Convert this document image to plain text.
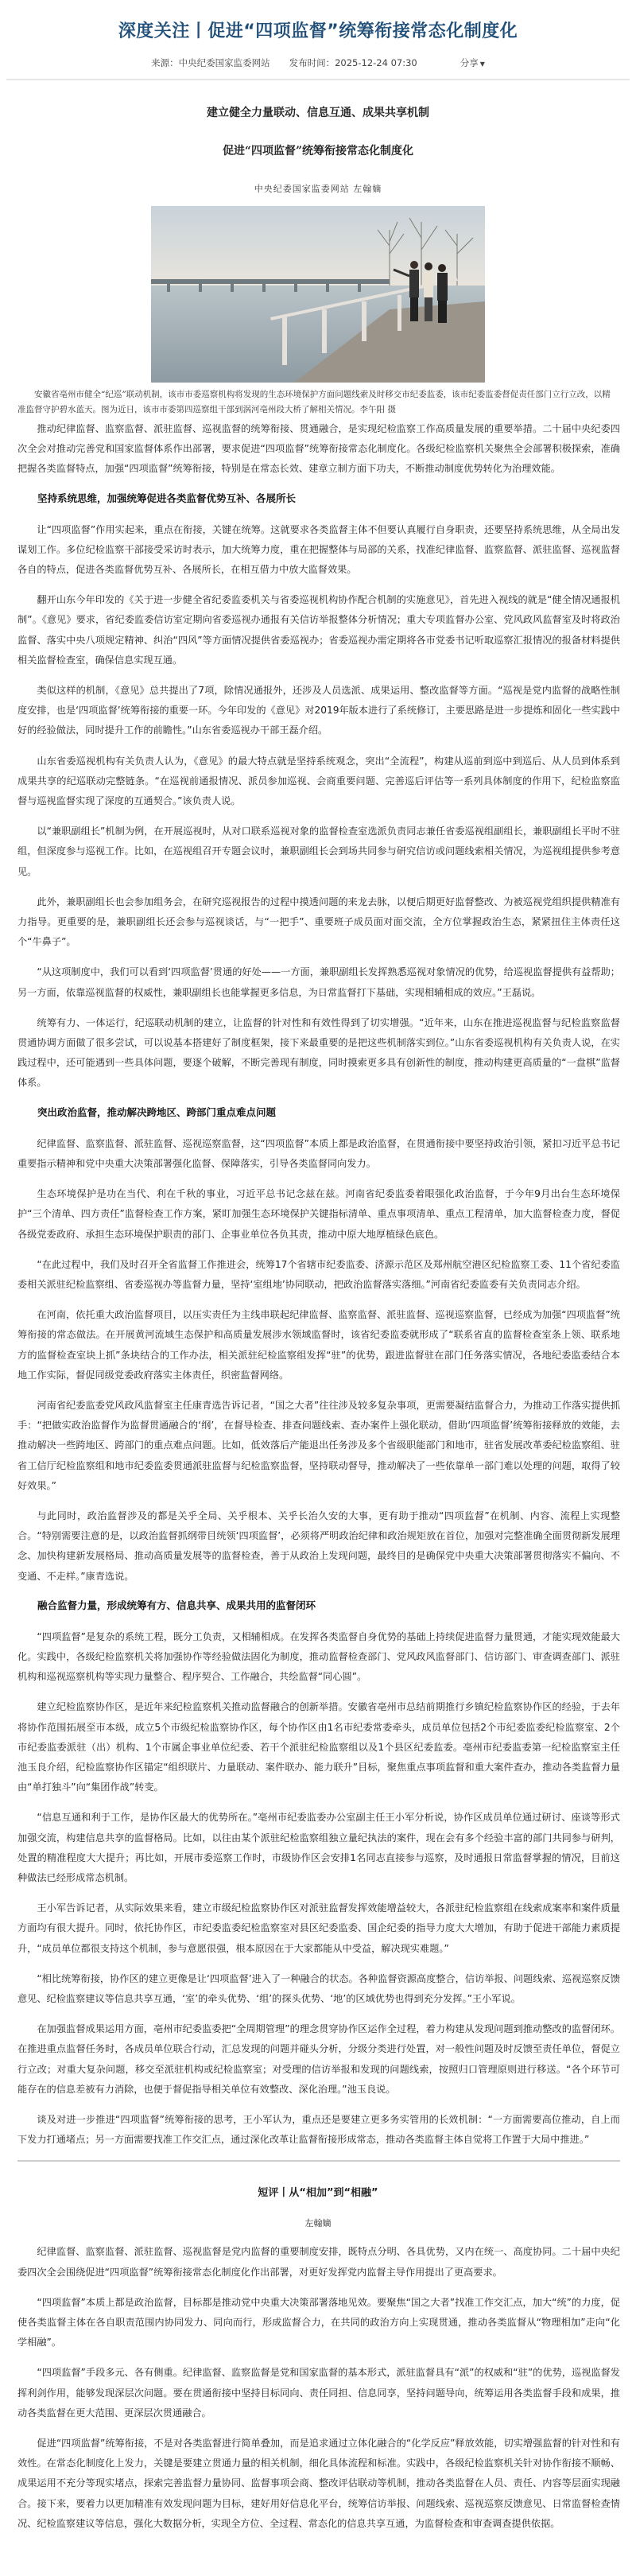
深度关注丨促进“四项监督”统筹衔接常态化制度化
来源：中央纪委国家监委网站 发布时间：2025-12-24 07:30	分享 ▼

建立健全力量联动、信息互通、成果共享机制

促进“四项监督”统筹衔接常态化制度化

中央纪委国家监委网站 左翰嫡

安徽省亳州市健全“纪巡”联动机制，该市市委巡察机构将发现的生态环境保护方面问题线索及时移交市纪委监委，该市纪委监委督促责任部门立行立改，以精准监督守护碧水蓝天。图为近日，该市市委第四巡察组干部到涡河亳州段大桥了解相关情况。李午阳 摄

推动纪律监督、监察监督、派驻监督、巡视监督的统筹衔接、贯通融合，是实现纪检监察工作高质量发展的重要举措。二十届中央纪委四次全会对推动完善党和国家监督体系作出部署，要求促进“四项监督”统筹衔接常态化制度化。各级纪检监察机关聚焦全会部署积极探索，准确把握各类监督特点，加强“四项监督”统筹衔接，特别是在常态长效、建章立制方面下功夫，不断推动制度优势转化为治理效能。

坚持系统思维，加强统筹促进各类监督优势互补、各展所长

让“四项监督”作用实起来，重点在衔接，关键在统筹。这就要求各类监督主体不但要认真履行自身职责，还要坚持系统思维，从全局出发谋划工作。多位纪检监察干部接受采访时表示，加大统筹力度，重在把握整体与局部的关系，找准纪律监督、监察监督、派驻监督、巡视监督各自的特点，促进各类监督优势互补、各展所长，在相互借力中放大监督效果。

翻开山东今年印发的《关于进一步健全省纪委监委机关与省委巡视机构协作配合机制的实施意见》，首先进入视线的就是“健全情况通报机制”。《意见》要求，省纪委监委信访室定期向省委巡视办通报有关信访举报整体分析情况；重大专项监督办公室、党风政风监督室及时将政治监督、落实中央八项规定精神、纠治“四风”等方面情况提供省委巡视办；省委巡视办需定期将各市党委书记听取巡察汇报情况的报备材料提供相关监督检查室，确保信息实现互通。

类似这样的机制，《意见》总共提出了7项，除情况通报外，还涉及人员选派、成果运用、整改监督等方面。“巡视是党内监督的战略性制度安排，也是‘四项监督’统筹衔接的重要一环。今年印发的《意见》对2019年版本进行了系统修订，主要思路是进一步提炼和固化一些实践中好的经验做法，同时提升工作的前瞻性。”山东省委巡视办干部王磊介绍。

山东省委巡视机构有关负责人认为，《意见》的最大特点就是坚持系统观念，突出“全流程”，构建从巡前到巡中到巡后、从人员到体系到成果共享的纪巡联动完整链条。“在巡视前通报情况、派员参加巡视、会商重要问题、完善巡后评估等一系列具体制度的作用下，纪检监察监督与巡视监督实现了深度的互通契合。”该负责人说。

以“兼职副组长”机制为例，在开展巡视时，从对口联系巡视对象的监督检查室选派负责同志兼任省委巡视组副组长，兼职副组长平时不驻组，但深度参与巡视工作。比如，在巡视组召开专题会议时，兼职副组长会到场共同参与研究信访或问题线索相关情况，为巡视组提供参考意见。

此外，兼职副组长也会参加组务会，在研究巡视报告的过程中摸透问题的来龙去脉，以便后期更好监督整改、为被巡视党组织提供精准有力指导。更重要的是，兼职副组长还会参与巡视谈话，与“一把手”、重要班子成员面对面交流，全方位掌握政治生态，紧紧扭住主体责任这个“牛鼻子”。

“从这项制度中，我们可以看到‘四项监督’贯通的好处——一方面，兼职副组长发挥熟悉巡视对象情况的优势，给巡视监督提供有益帮助；另一方面，依靠巡视监督的权威性，兼职副组长也能掌握更多信息，为日常监督打下基础，实现相辅相成的效应。”王磊说。

统筹有力、一体运行，纪巡联动机制的建立，让监督的针对性和有效性得到了切实增强。“近年来，山东在推进巡视监督与纪检监察监督贯通协调方面做了很多尝试，可以说基本搭建好了制度框架，接下来最重要的是把这些机制落实到位。”山东省委巡视机构有关负责人说，在实践过程中，还可能遇到一些具体问题，要逐个破解，不断完善现有制度，同时摸索更多具有创新性的制度，推动构建更高质量的“一盘棋”监督体系。

突出政治监督，推动解决跨地区、跨部门重点难点问题

纪律监督、监察监督、派驻监督、巡视巡察监督，这“四项监督”本质上都是政治监督，在贯通衔接中要坚持政治引领，紧扣习近平总书记重要指示精神和党中央重大决策部署强化监督、保障落实，引导各类监督同向发力。

生态环境保护是功在当代、利在千秋的事业，习近平总书记念兹在兹。河南省纪委监委着眼强化政治监督，于今年9月出台生态环境保护“三个清单、四方责任”监督检查工作方案，紧盯加强生态环境保护关键指标清单、重点事项清单、重点工程清单，加大监督检查力度，督促各级党委政府、承担生态环境保护职责的部门、企事业单位各负其责，推动中原大地厚植绿色底色。

“在此过程中，我们及时召开全省监督工作推进会，统筹17个省辖市纪委监委、济源示范区及郑州航空港区纪检监察工委、11个省纪委监委相关派驻纪检监察组、省委巡视办等监督力量，坚持‘室组地’协同联动，把政治监督落实落细。”河南省纪委监委有关负责同志介绍。

在河南，依托重大政治监督项目，以压实责任为主线串联起纪律监督、监察监督、派驻监督、巡视巡察监督，已经成为加强“四项监督”统筹衔接的常态做法。在开展黄河流域生态保护和高质量发展涉水领域监督时，该省纪委监委就形成了“联系省直的监督检查室条上领、联系地方的监督检查室块上抓”条块结合的工作办法，相关派驻纪检监察组发挥“驻”的优势，跟进监督驻在部门任务落实情况，各地纪委监委结合本地工作实际，督促同级党委政府落实主体责任，织密监督网络。

河南省纪委监委党风政风监督室主任康青选告诉记者，“国之大者”往往涉及较多复杂事项，更需要凝结监督合力，为推动工作落实提供抓手：“把做实政治监督作为监督贯通融合的‘纲’，在督导检查、排查问题线索、查办案件上强化联动，借助‘四项监督’统筹衔接释放的效能，去推动解决一些跨地区、跨部门的重点难点问题。比如，低效落后产能退出任务涉及多个省级职能部门和地市，驻省发展改革委纪检监察组、驻省工信厅纪检监察组和地市纪委监委贯通派驻监督与纪检监察监督，坚持联动督导，推动解决了一些依靠单一部门难以处理的问题，取得了较好效果。”

与此同时，政治监督涉及的都是关乎全局、关乎根本、关乎长治久安的大事，更有助于推动“四项监督”在机制、内容、流程上实现整合。“特别需要注意的是，以政治监督抓纲带目统领‘四项监督’，必须将严明政治纪律和政治规矩放在首位，加强对完整准确全面贯彻新发展理念、加快构建新发展格局、推动高质量发展等的监督检查，善于从政治上发现问题，最终目的是确保党中央重大决策部署贯彻落实不偏向、不变通、不走样。”康青选说。

融合监督力量，形成统筹有方、信息共享、成果共用的监督闭环

“四项监督”是复杂的系统工程，既分工负责，又相辅相成。在发挥各类监督自身优势的基础上持续促进监督力量贯通，才能实现效能最大化。实践中，各级纪检监察机关将加强协作等经验做法固化为制度，推动监督检查部门、党风政风监督部门、信访部门、审查调查部门、派驻机构和巡视巡察机构等实现力量整合、程序契合、工作融合，共绘监督“同心圆”。

建立纪检监察协作区，是近年来纪检监察机关推动监督融合的创新举措。安徽省亳州市总结前期推行乡镇纪检监察协作区的经验，于去年将协作范围拓展至市本级，成立5个市级纪检监察协作区，每个协作区由1名市纪委常委牵头，成员单位包括2个市纪委监委纪检监察室、2个市纪委监委派驻（出）机构、1个市属企事业单位纪委、若干个派驻纪检监察组以及1个县区纪委监委。亳州市纪委监委第一纪检监察室主任池玉良介绍，纪检监察协作区锚定“组织联片、力量联动、案件联办、能力联升”目标，聚焦重点事项监督和重大案件查办，推动各类监督力量由“单打独斗”向“集团作战”转变。

“信息互通和利于工作，是协作区最大的优势所在。”亳州市纪委监委办公室副主任王小军分析说，协作区成员单位通过研讨、座谈等形式加强交流，构建信息共享的监督格局。比如，以往由某个派驻纪检监察组独立量纪执法的案件，现在会有多个经验丰富的部门共同参与研判，处置的精准程度大大提升；再比如，开展市委巡察工作时，市级协作区会安排1名同志直接参与巡察，及时通报日常监督掌握的情况，目前这种做法已经形成常态机制。

王小军告诉记者，从实际效果来看，建立市级纪检监察协作区对派驻监督发挥效能增益较大，各派驻纪检监察组在线索成案率和案件质量方面均有很大提升。同时，依托协作区，市纪委监委纪检监察室对县区纪委监委、国企纪委的指导力度大大增加，有助于促进干部能力素质提升，“成员单位都很支持这个机制，参与意愿很强，根本原因在于大家都能从中受益，解决现实难题。”

“相比统筹衔接，协作区的建立更像是让‘四项监督’进入了一种融合的状态。各种监督资源高度整合，信访举报、问题线索、巡视巡察反馈意见、纪检监察建议等信息共享互通，‘室’的牵头优势、‘组’的探头优势、‘地’的区域优势也得到充分发挥。”王小军说。

在加强监督成果运用方面，亳州市纪委监委把“全周期管理”的理念贯穿协作区运作全过程，着力构建从发现问题到推动整改的监督闭环。在推进重点监督任务时，各成员单位联合行动，汇总发现的问题并碰头分析，分级分类进行处置，对一般性问题及时反馈至责任单位，督促立行立改；对重大复杂问题，移交至派驻机构或纪检监察室；对受理的信访举报和发现的问题线索，按照归口管理原则进行移送。“各个环节可能存在的信息差被有力消除，也便于督促指导相关单位有效整改、深化治理。”池玉良说。

谈及对进一步推进“四项监督”统筹衔接的思考，王小军认为，重点还是要建立更多务实管用的长效机制：“一方面需要高位推动，自上而下发力打通堵点；另一方面需要找准工作交汇点，通过深化改革让监督衔接形成常态，推动各类监督主体自觉将工作置于大局中推进。”

短评丨从“相加”到“相融”
左翰嫡

纪律监督、监察监督、派驻监督、巡视监督是党内监督的重要制度安排，既特点分明、各具优势，又内在统一、高度协同。二十届中央纪委四次全会围绕促进“四项监督”统筹衔接常态化制度化作出部署，对更好发挥党内监督主导作用提出了更高要求。

“四项监督”本质上都是政治监督，目标都是推动党中央重大决策部署落地见效。要聚焦“国之大者”找准工作交汇点，加大“统”的力度，促使各类监督主体在各自职责范围内协同发力、同向而行，形成监督合力，在共同的政治方向上实现贯通，推动各类监督从“物理相加”走向“化学相融”。

“四项监督”手段多元、各有侧重。纪律监督、监察监督是党和国家监督的基本形式，派驻监督具有“派”的权威和“驻”的优势，巡视监督发挥利剑作用，能够发现深层次问题。要在贯通衔接中坚持目标同向、责任同担、信息同享，坚持问题导向，统筹运用各类监督手段和成果，推动各类监督在更大范围、更深层次贯通融合。

促进“四项监督”统筹衔接，不是对各类监督进行简单叠加，而是追求通过立体化融合的“化学反应”释放效能，切实增强监督的针对性和有效性。在常态化制度化上发力，关键是要建立贯通力量的相关机制，细化具体流程和标准。实践中，各级纪检监察机关针对协作衔接不顺畅、成果运用不充分等现实堵点，探索完善监督力量协同、监督事项会商、整改评估联动等机制，推动各类监督在人员、责任、内容等层面实现融合。接下来，要着力以更加精准有效发现问题为目标，建好用好信息化平台，统筹信访举报、问题线索、巡视巡察反馈意见、日常监督检查情况、纪检监察建议等信息，强化大数据分析，实现全方位、全过程、常态化的信息共享互通，为监督检查和审查调查提供依据。
